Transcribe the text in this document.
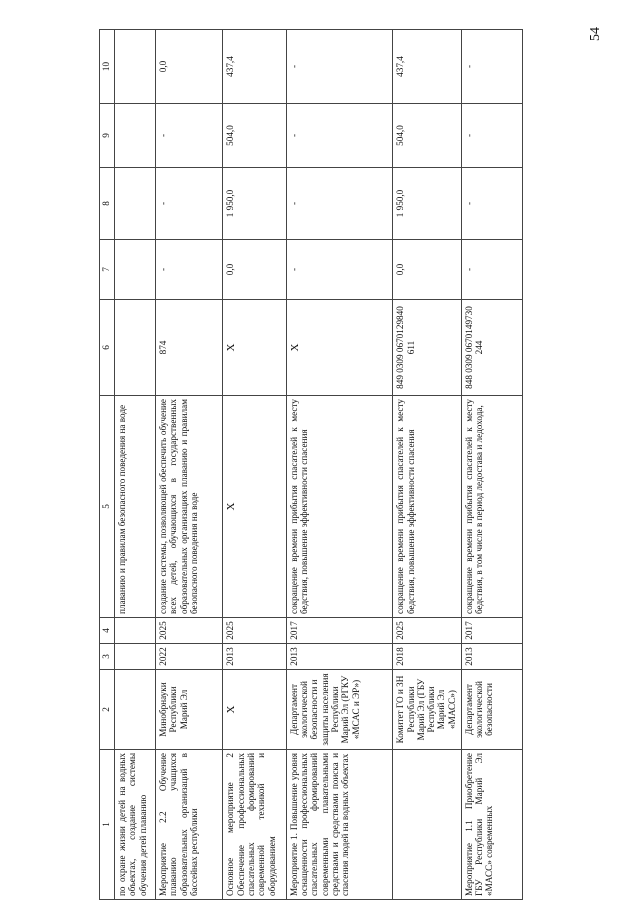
54
1	2	3	4	5	6	7	8	9	10
по охране жизни детей на водных объектах, создание системы обучения детей плаванию				плаванию и правилам безопасного поведения на воде					
Мероприятие 2.2 Обучение плаванию учащихся образовательных организаций в бассейнах республики	Минобрнауки Республики Марий Эл	2022	2025	создание системы, позволяющей обеспечить обучение всех детей, обучающихся в государственных образовательных организациях плаванию и правилам безопасного поведения на воде	874	-	-	-	0,0
Основное мероприятие 2 Обеспечение профессиональных спасательных формирований современной техникой и оборудованием	Х	2013	2025	Х	Х	0,0	1 950,0	504,0	437,4
Мероприятие 1. Повышение уровня оснащенности профессиональных спасательных формирований современными плавательными средствами и средствами поиска и спасения людей на водных объектах	Департамент экологической безопасности и защиты населения Республики Марий Эл (РГКУ «МСАС и ЭР»)	2013	2017	сокращение времени прибытия спасателей к месту бедствия, повышение эффективности спасения	Х	-	-	-	-
	Комитет ГО и ЗН Республики Марий Эл (ГБУ Республики Марий Эл «МАСС»)	2018	2025	сокращение времени прибытия спасателей к месту бедствия, повышение эффективности спасения	849 0309 0670129840 611	0,0	1 950,0	504,0	437,4
Мероприятие 1.1 Приобретение ГБУ Республики Марий Эл «МАСС» современных	Департамент экологической безопасности	2013	2017	сокращение времени прибытия спасателей к месту бедствия, в том числе в период ледостава и ледохода,	848 0309 0670149730 244	-	-	-	-
